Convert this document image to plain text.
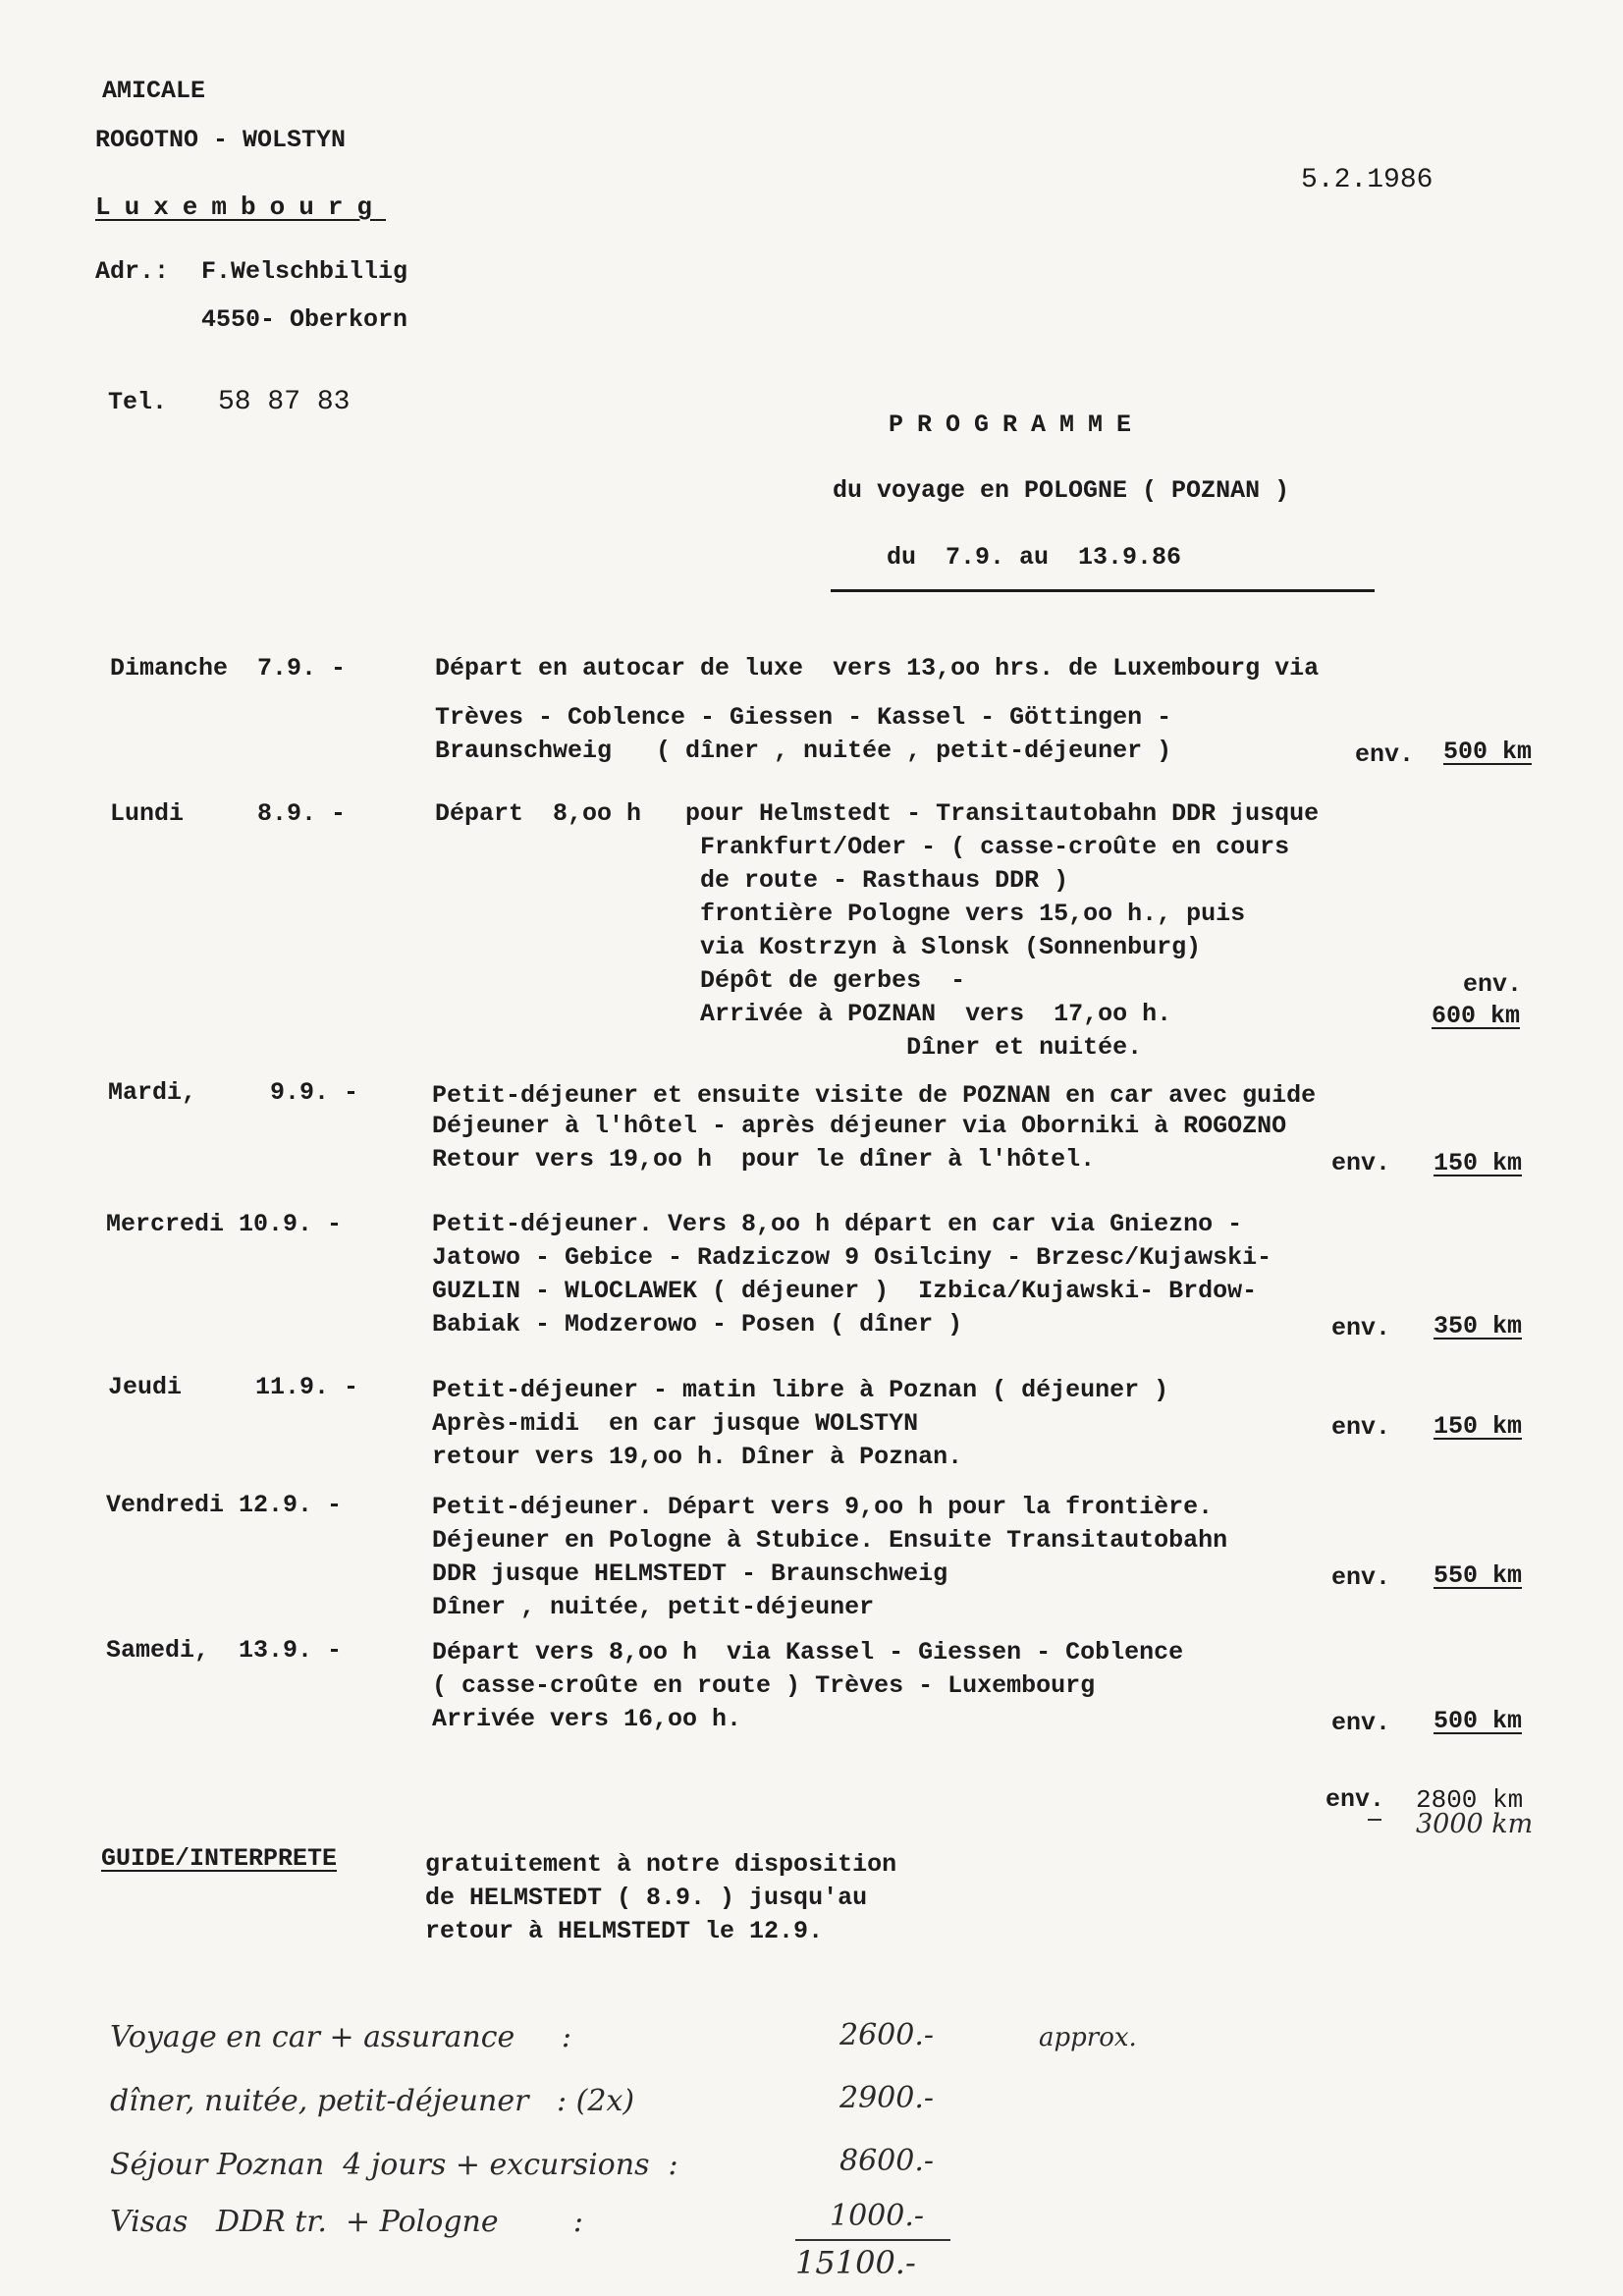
AMICALE
ROGOTNO - WOLSTYN
Luxembourg
Adr.: F.Welschbillig
4550- Oberkorn
Tel. 58 87 83
5.2.1986
PROGRAMME
du voyage en POLOGNE ( POZNAN )
du  7.9. au  13.9.86
Dimanche  7.9. -	Départ en autocar de luxe  vers 13,oo hrs. de Luxembourg via
Trèves - Coblence - Giessen - Kassel - Göttingen -
Braunschweig   ( dîner , nuitée , petit-déjeuner )	env. 500 km
Lundi     8.9. -	Départ  8,oo h   pour Helmstedt - Transitautobahn DDR jusque
Frankfurt/Oder - ( casse-croûte en cours
de route - Rasthaus DDR )
frontière Pologne vers 15,oo h., puis
via Kostrzyn à Slonsk (Sonnenburg)
Dépôt de gerbes  -
Arrivée à POZNAN  vers  17,oo h.
Dîner et nuitée.
env.
600 km
Mardi,     9.9. -	Petit-déjeuner et ensuite visite de POZNAN en car avec guide
Déjeuner à l'hôtel - après déjeuner via Oborniki à ROGOZNO
Retour vers 19,oo h  pour le dîner à l'hôtel.	env. 150 km
Mercredi 10.9. -	Petit-déjeuner. Vers 8,oo h départ en car via Gniezno -
Jatowo - Gebice - Radziczow 9 Osilciny - Brzesc/Kujawski-
GUZLIN - WLOCLAWEK ( déjeuner )  Izbica/Kujawski- Brdow-
Babiak - Modzerowo - Posen ( dîner )	env. 350 km
Jeudi     11.9. -	Petit-déjeuner - matin libre à Poznan ( déjeuner )
Après-midi  en car jusque WOLSTYN
retour vers 19,oo h. Dîner à Poznan.
env. 150 km
Vendredi 12.9. -	Petit-déjeuner. Départ vers 9,oo h pour la frontière.
Déjeuner en Pologne à Stubice. Ensuite Transitautobahn
DDR jusque HELMSTEDT - Braunschweig
Dîner , nuitée, petit-déjeuner
env. 550 km
Samedi,  13.9. -	Départ vers 8,oo h  via Kassel - Giessen - Coblence
( casse-croûte en route ) Trèves - Luxembourg
Arrivée vers 16,oo h.	env. 500 km
env. 2800 km
3000 km
GUIDE/INTERPRETE	gratuitement à notre disposition
de HELMSTEDT ( 8.9. ) jusqu'au
retour à HELMSTEDT le 12.9.
Voyage en car + assurance     :	2600.-	approx.
dîner, nuitée, petit-déjeuner   : (2x)	2900.-
Séjour Poznan  4 jours + excursions  :	8600.-
Visas   DDR tr.  + Pologne        :	1000.-
15100.-
